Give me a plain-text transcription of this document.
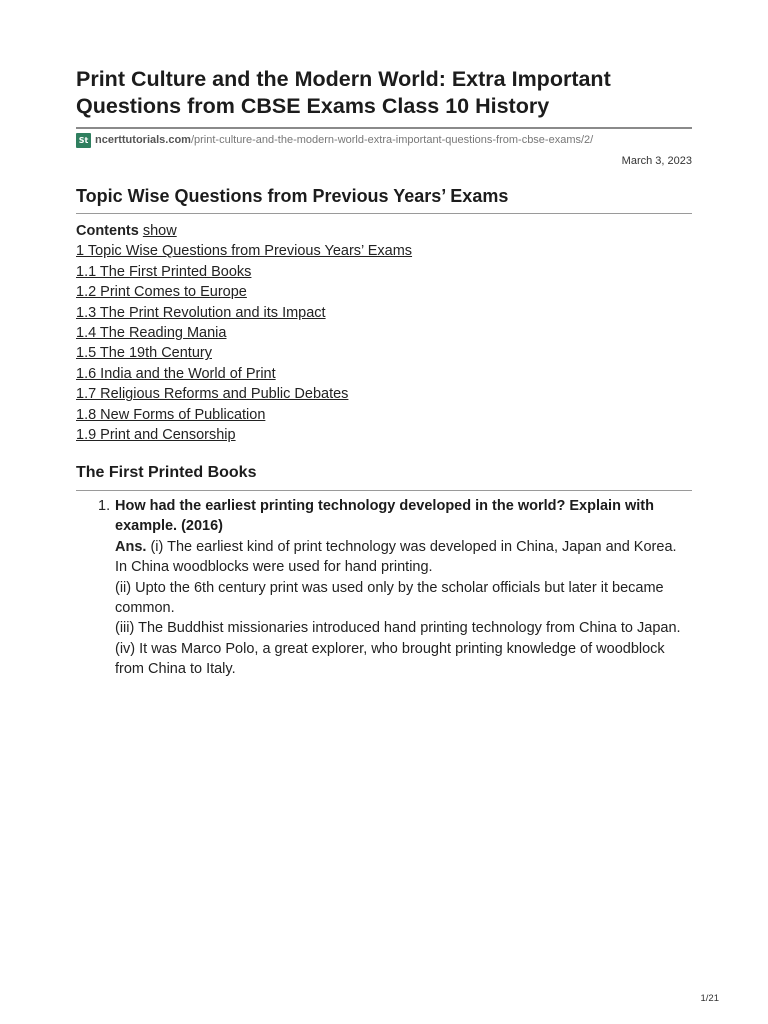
Print Culture and the Modern World: Extra Important Questions from CBSE Exams Class 10 History
St ncerttutorials.com /print-culture-and-the-modern-world-extra-important-questions-from-cbse-exams/2/
March 3, 2023
Topic Wise Questions from Previous Years’ Exams
Contents show
1 Topic Wise Questions from Previous Years’ Exams
1.1 The First Printed Books
1.2 Print Comes to Europe
1.3 The Print Revolution and its Impact
1.4 The Reading Mania
1.5 The 19th Century
1.6 India and the World of Print
1.7 Religious Reforms and Public Debates
1.8 New Forms of Publication
1.9 Print and Censorship
The First Printed Books
1. How had the earliest printing technology developed in the world? Explain with example. (2016)
Ans. (i) The earliest kind of print technology was developed in China, Japan and Korea. In China woodblocks were used for hand printing.
(ii) Upto the 6th century print was used only by the scholar officials but later it became common.
(iii) The Buddhist missionaries introduced hand printing technology from China to Japan.
(iv) It was Marco Polo, a great explorer, who brought printing knowledge of woodblock from China to Italy.
1/21
